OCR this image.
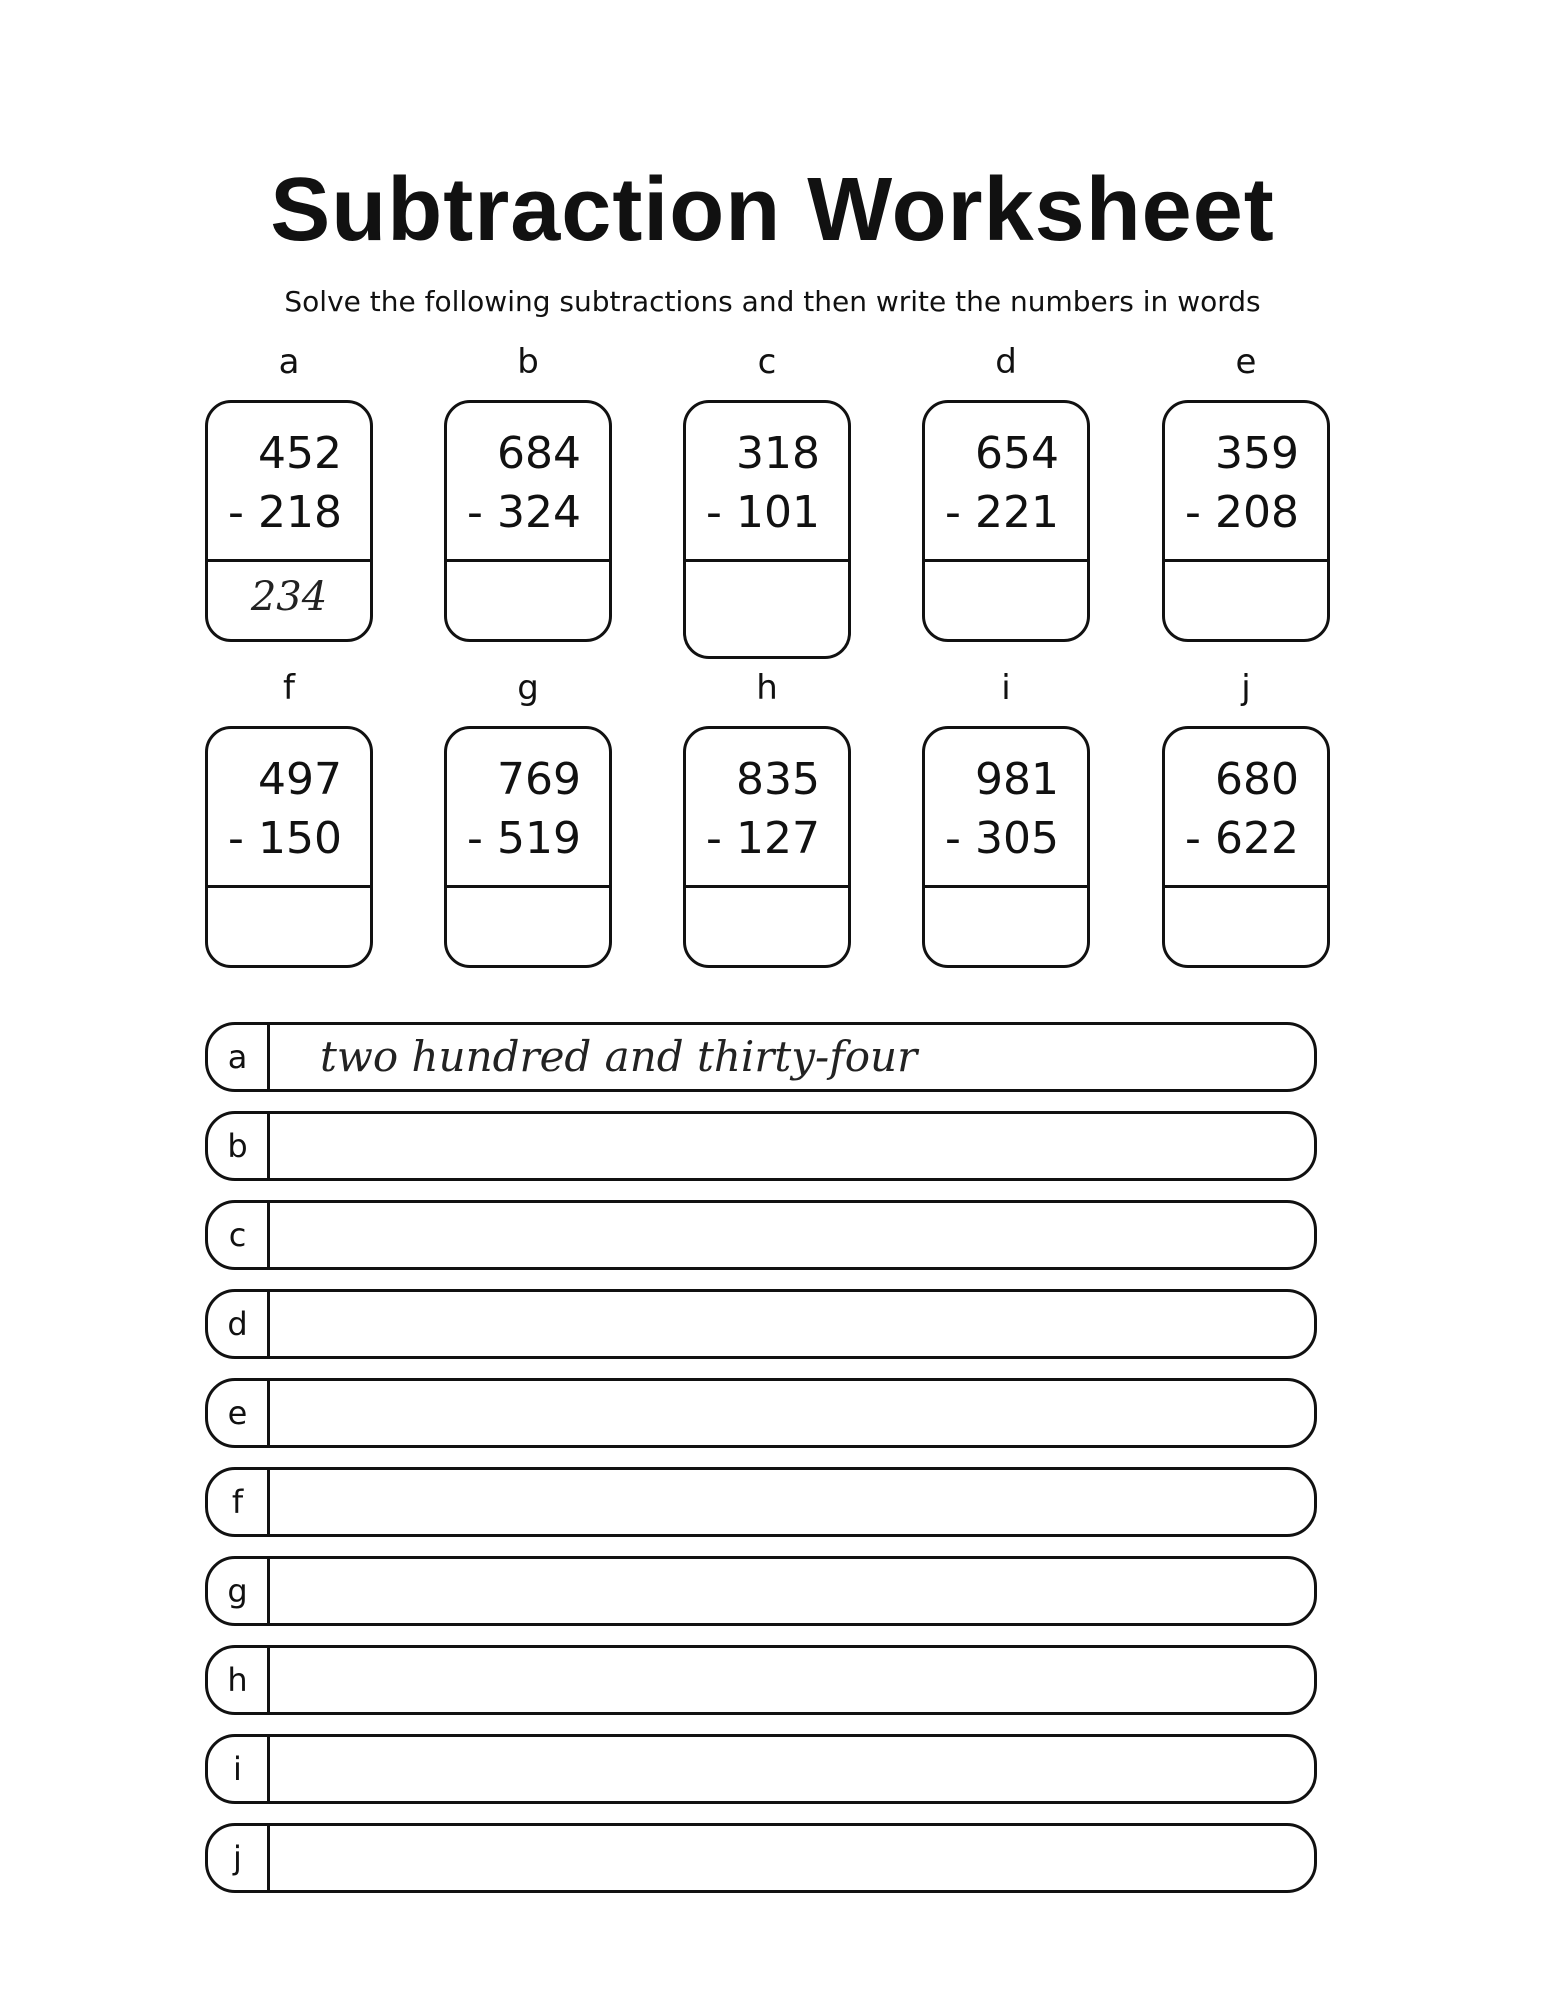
Subtraction Worksheet
Solve the following subtractions and then write the numbers in words
a
452
- 218
234
b
684
- 324
c
318
- 101
d
654
- 221
e
359
- 208
f
497
- 150
g
769
- 519
h
835
- 127
i
981
- 305
j
680
- 622
a	two hundred and thirty-four
b
c
d
e
f
g
h
i
j
